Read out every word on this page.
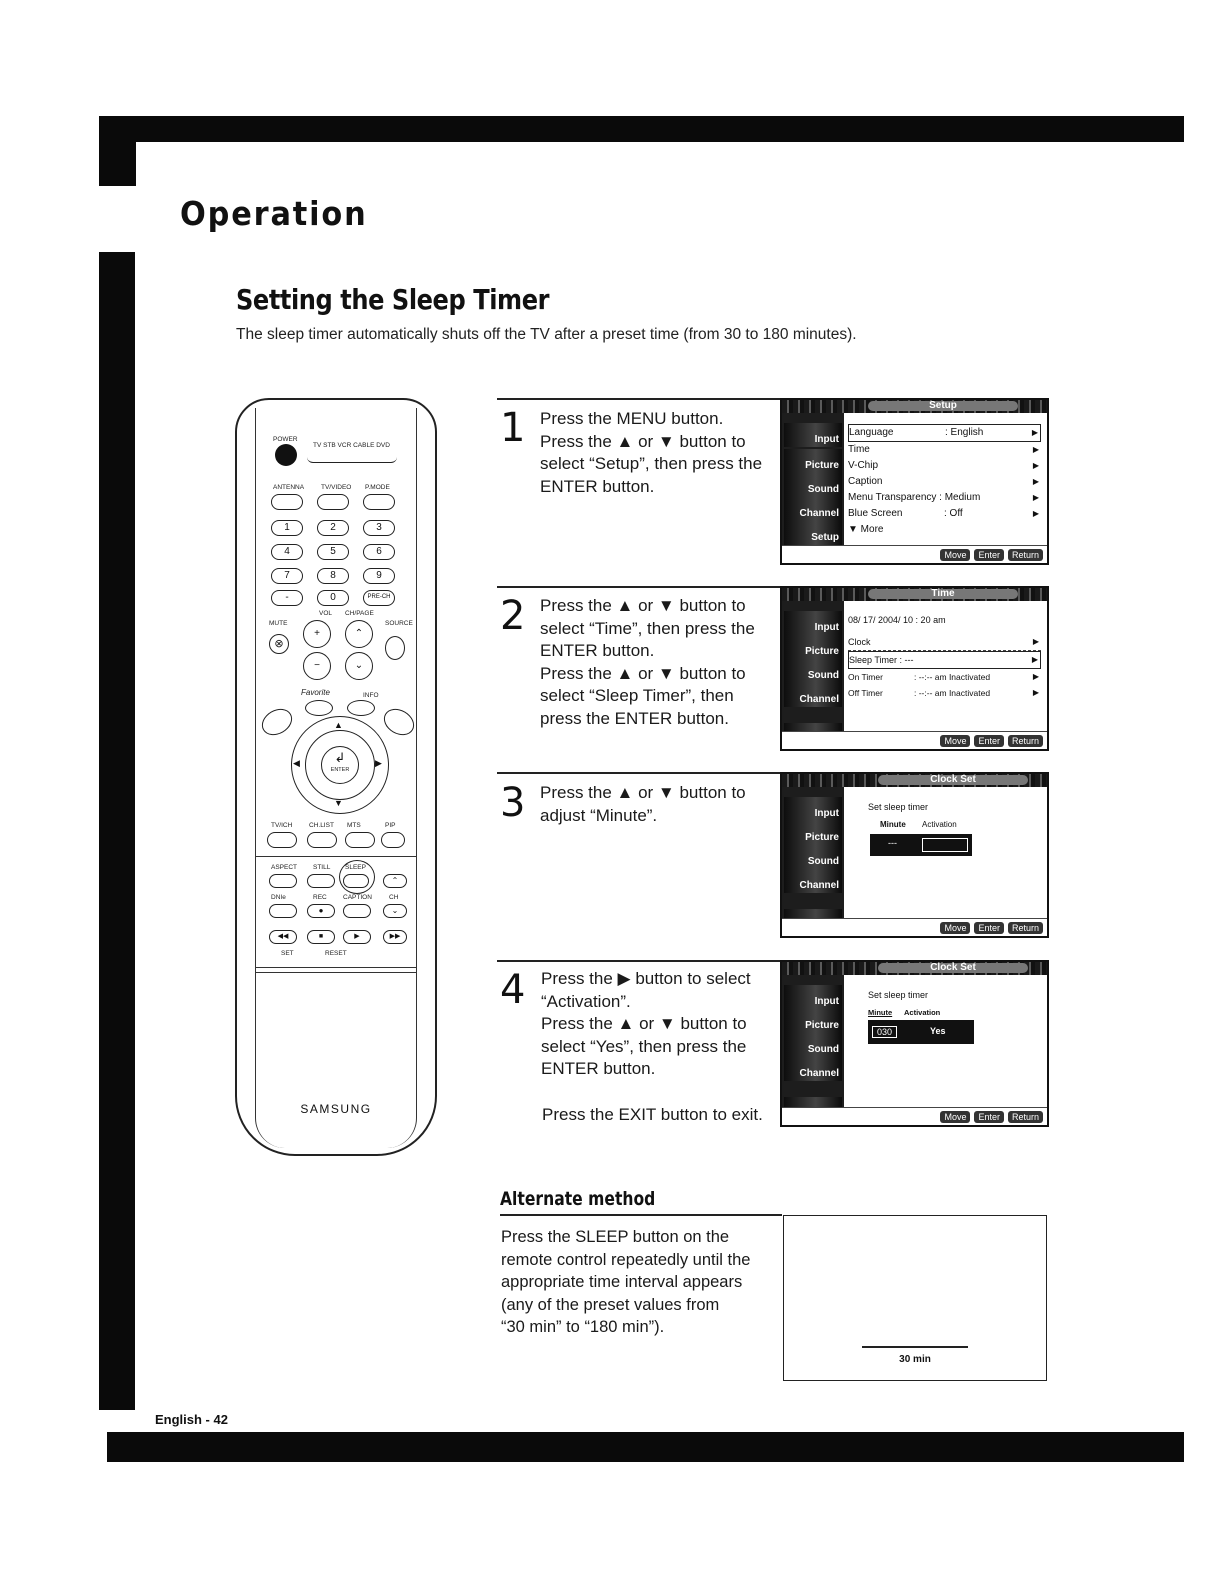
Operation
Setting the Sleep Timer
The sleep timer automatically shuts off the TV after a preset time (from 30 to 180 minutes).
POWER
TV STB VCR CABLE DVD
ANTENNA	TV/VIDEO P.MODE
1	2	3
4	5	6
7	8	9
-	0	PRE-CH
VOL CH/PAGE
MUTE	SOURCE
⊗
+	⌃
−	⌄
Favorite	INFO
▲
▼
◀	▶
↲
ENTER
TV/ICH	CH.LIST MTS	PIP
ASPECT STILL SLEEP
⌃
DNIe	REC	CAPTION	CH
●	⌄
◀◀	■	▶	▶▶
SET	RESET
SAMSUNG
1 Press the MENU button.
Press the ▲ or ▼ button to
select “Setup”, then press the
ENTER button.
Setup
Input
Picture
Sound
Channel
Setup
Language	: English	▶
Time	▶
V-Chip	▶
Caption	▶
Menu Transparency : Medium	▶
Blue Screen	: Off	▶
▼ More
Move	Enter	Return
2 Press the ▲ or ▼ button to
select “Time”, then press the
ENTER button.
Press the ▲ or ▼ button to
select “Sleep Timer”, then
press the ENTER button.
Time
Input
Picture
Sound
Channel
08/ 17/ 2004/ 10 : 20 am
Clock	▶
Sleep Timer : ---	▶
On Timer	: --:-- am Inactivated	▶
Off Timer	: --:-- am Inactivated	▶
Move	Enter	Return
3 Press the ▲ or ▼ button to
adjust “Minute”.
Clock Set
Input
Picture
Sound
Channel
Set sleep timer
Minute Activation
---
Move	Enter	Return
4 Press the ▶ button to select
“Activation”.
Press the ▲ or ▼ button to
select “Yes”, then press the
ENTER button.
Press the EXIT button to exit.
Clock Set
Input
Picture
Sound
Channel
Set sleep timer
Minute Activation
030	Yes
Move	Enter	Return
Alternate method
Press the SLEEP button on the
remote control repeatedly until the
appropriate time interval appears
(any of the preset values from
“30 min” to “180 min”).
30 min
English - 42
